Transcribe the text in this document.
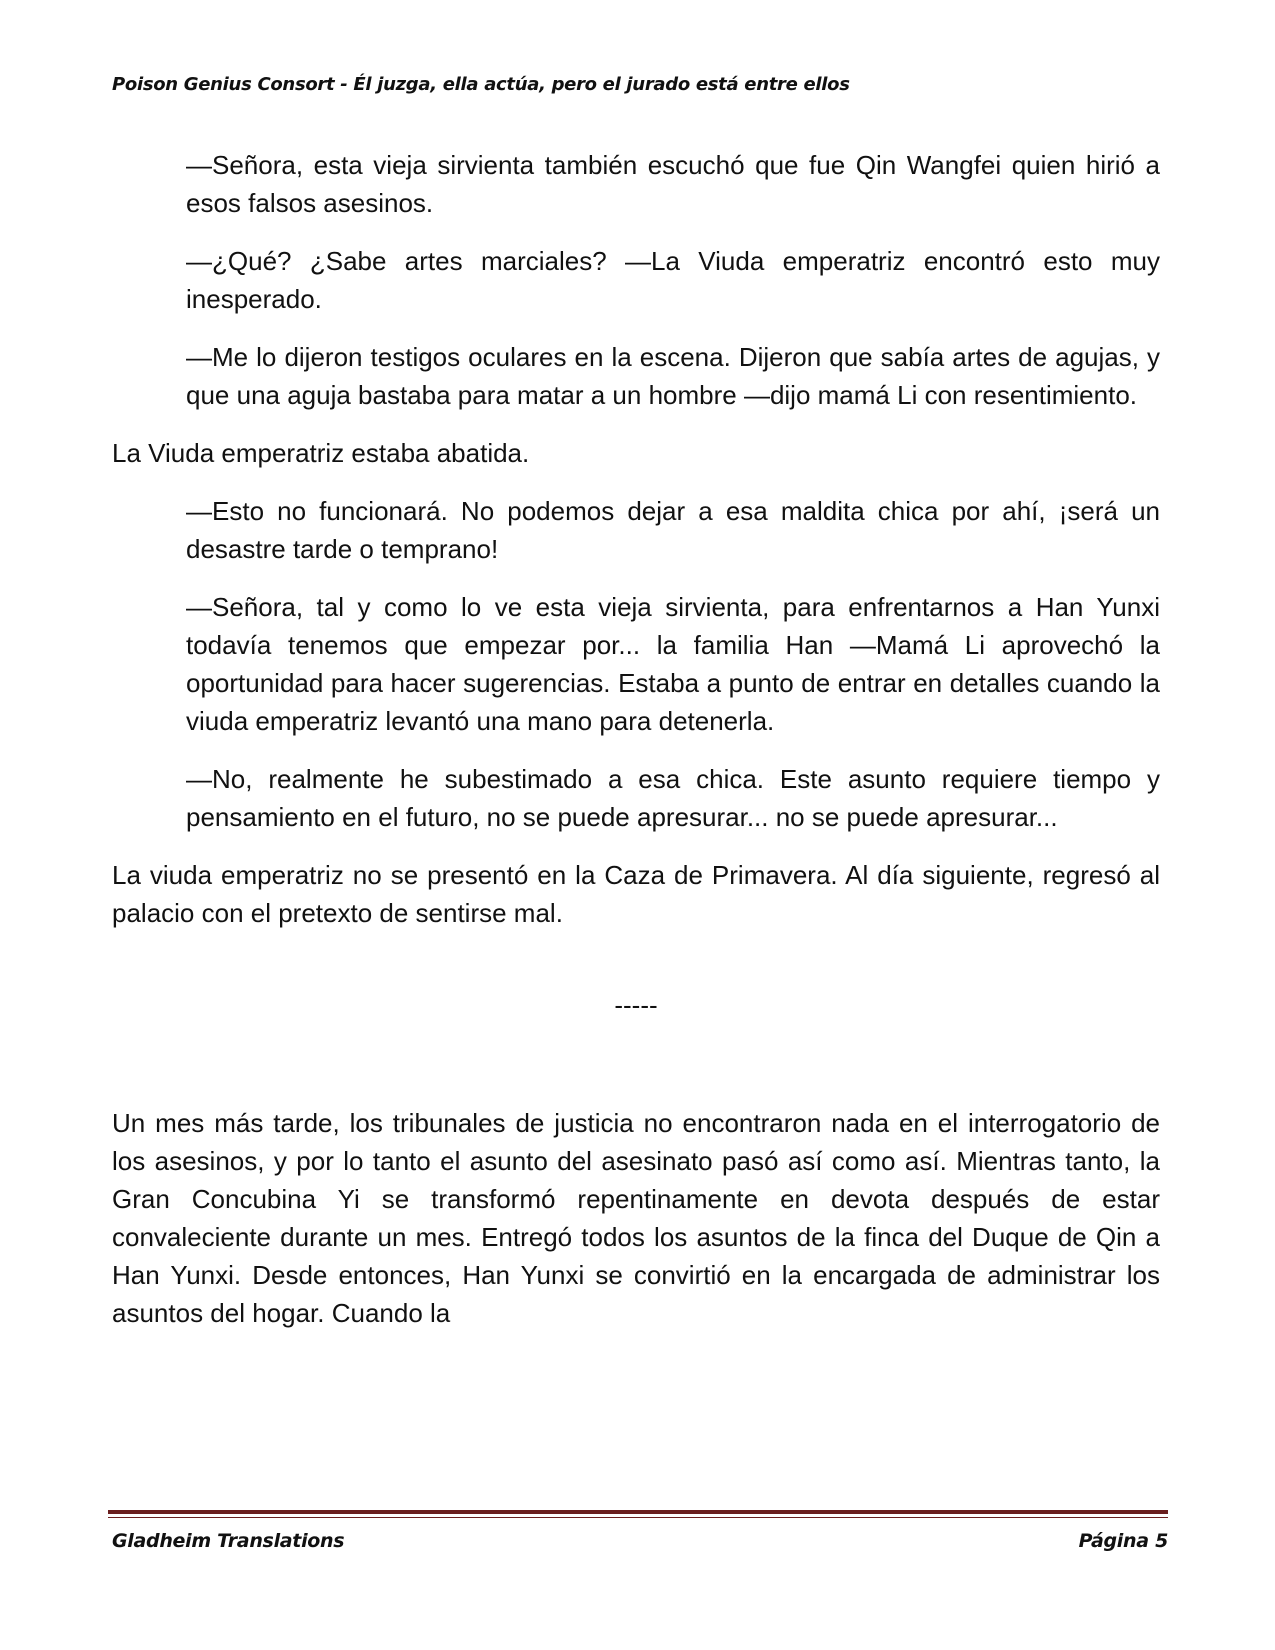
Poison Genius Consort - Él juzga, ella actúa, pero el jurado está entre ellos

—Señora, esta vieja sirvienta también escuchó que fue Qin Wangfei quien hirió a esos falsos asesinos.

—¿Qué? ¿Sabe artes marciales? —La Viuda emperatriz encontró esto muy inesperado.

—Me lo dijeron testigos oculares en la escena. Dijeron que sabía artes de agujas, y que una aguja bastaba para matar a un hombre —dijo mamá Li con resentimiento.

La Viuda emperatriz estaba abatida.

—Esto no funcionará. No podemos dejar a esa maldita chica por ahí, ¡será un desastre tarde o temprano!

—Señora, tal y como lo ve esta vieja sirvienta, para enfrentarnos a Han Yunxi todavía tenemos que empezar por... la familia Han —Mamá Li aprovechó la oportunidad para hacer sugerencias. Estaba a punto de entrar en detalles cuando la viuda emperatriz levantó una mano para detenerla.

—No, realmente he subestimado a esa chica. Este asunto requiere tiempo y pensamiento en el futuro, no se puede apresurar... no se puede apresurar...

La viuda emperatriz no se presentó en la Caza de Primavera. Al día siguiente, regresó al palacio con el pretexto de sentirse mal.

-----

Un mes más tarde, los tribunales de justicia no encontraron nada en el interrogatorio de los asesinos, y por lo tanto el asunto del asesinato pasó así como así. Mientras tanto, la Gran Concubina Yi se transformó repentinamente en devota después de estar convaleciente durante un mes. Entregó todos los asuntos de la finca del Duque de Qin a Han Yunxi. Desde entonces, Han Yunxi se convirtió en la encargada de administrar los asuntos del hogar. Cuando la

Gladheim Translations	Página 5
